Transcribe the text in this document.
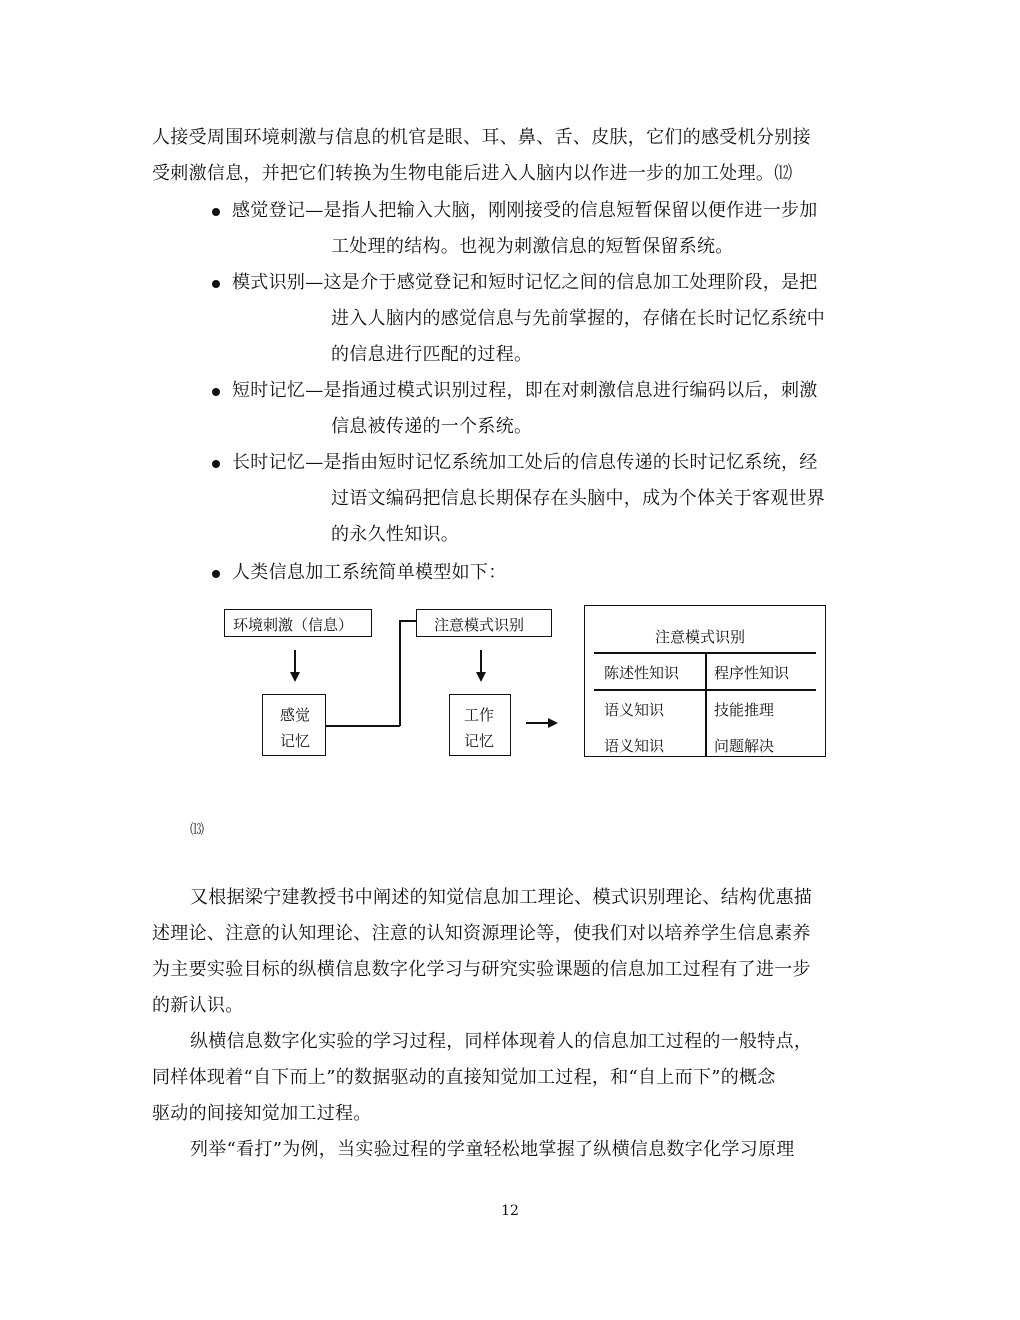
人接受周围环境刺激与信息的机官是眼、耳、鼻、舌、皮肤，它们的感受机分别接
受刺激信息，并把它们转换为生物电能后进入人脑内以作进一步的加工处理。⑿
感觉登记—是指人把输入大脑，刚刚接受的信息短暂保留以便作进一步加
工处理的结构。也视为刺激信息的短暂保留系统。
模式识别—这是介于感觉登记和短时记忆之间的信息加工处理阶段，是把
进入人脑内的感觉信息与先前掌握的，存储在长时记忆系统中
的信息进行匹配的过程。
短时记忆—是指通过模式识别过程，即在对刺激信息进行编码以后，刺激
信息被传递的一个系统。
长时记忆—是指由短时记忆系统加工处后的信息传递的长时记忆系统，经
过语文编码把信息长期保存在头脑中，成为个体关于客观世界
的永久性知识。
人类信息加工系统简单模型如下：
环境刺激（信息）
感觉
记忆
注意模式识别
工作
记忆
注意模式识别
陈述性知识 程序性知识
语义知识	技能推理
语义知识	问题解决
⒀
又根据梁宁建教授书中阐述的知觉信息加工理论、模式识别理论、结构优惠描
述理论、注意的认知理论、注意的认知资源理论等，使我们对以培养学生信息素养
为主要实验目标的纵横信息数字化学习与研究实验课题的信息加工过程有了进一步
的新认识。
纵横信息数字化实验的学习过程，同样体现着人的信息加工过程的一般特点，
同样体现着“自下而上”的数据驱动的直接知觉加工过程，和“自上而下”的概念
驱动的间接知觉加工过程。
列举“看打”为例，当实验过程的学童轻松地掌握了纵横信息数字化学习原理
12
